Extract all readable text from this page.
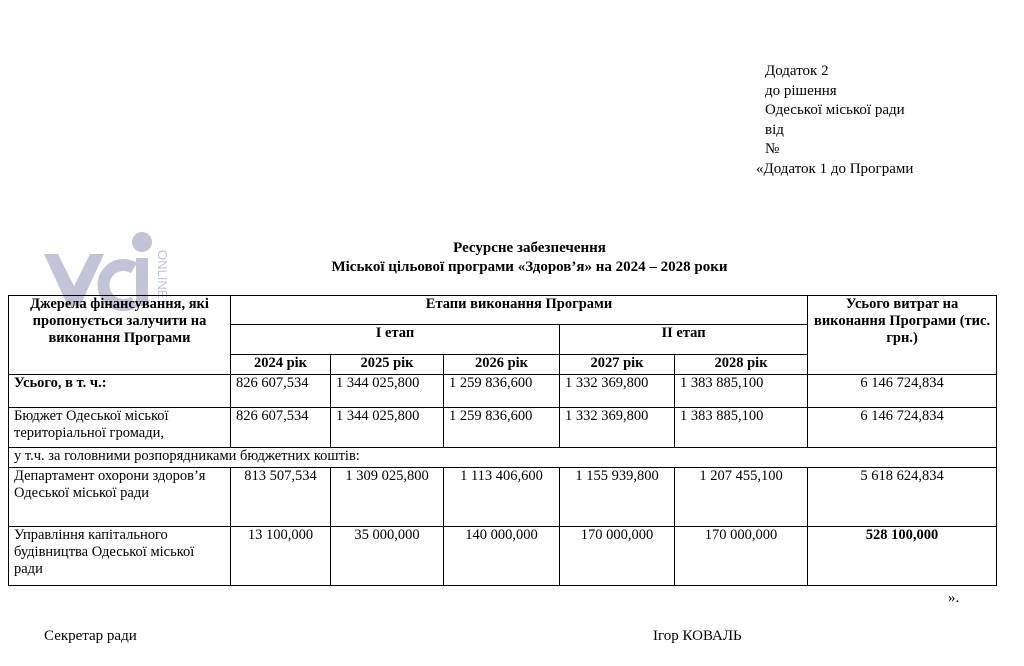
Додаток 2
до рішення
Одеської міської ради
від
№
«Додаток 1 до Програми
Ресурсне забезпечення
Міської цільової програми «Здоров’я» на 2024 – 2028 роки
ONLINE
Джерела фінансування, які пропонується залучити на виконання Програми	Етапи виконання Програми					Усього витрат на виконання Програми (тис. грн.)
	І етап			ІІ етап		
	2024 рік	2025 рік	2026 рік	2027 рік	2028 рік	
Усього, в т. ч.:	826 607,534	1 344 025,800	1 259 836,600	1 332 369,800	1 383 885,100	6 146 724,834
Бюджет Одеської міської територіальної громади,	826 607,534	1 344 025,800	1 259 836,600	1 332 369,800	1 383 885,100	6 146 724,834
у т.ч. за головними розпорядниками бюджетних коштів:						
Департамент охорони здоров’я Одеської міської ради	813 507,534	1 309 025,800	1 113 406,600	1 155 939,800	1 207 455,100	5 618 624,834
Управління капітального будівництва Одеської міської ради	13 100,000	35 000,000	140 000,000	170 000,000	170 000,000	528 100,000
».
Секретар ради	Ігор КОВАЛЬ
